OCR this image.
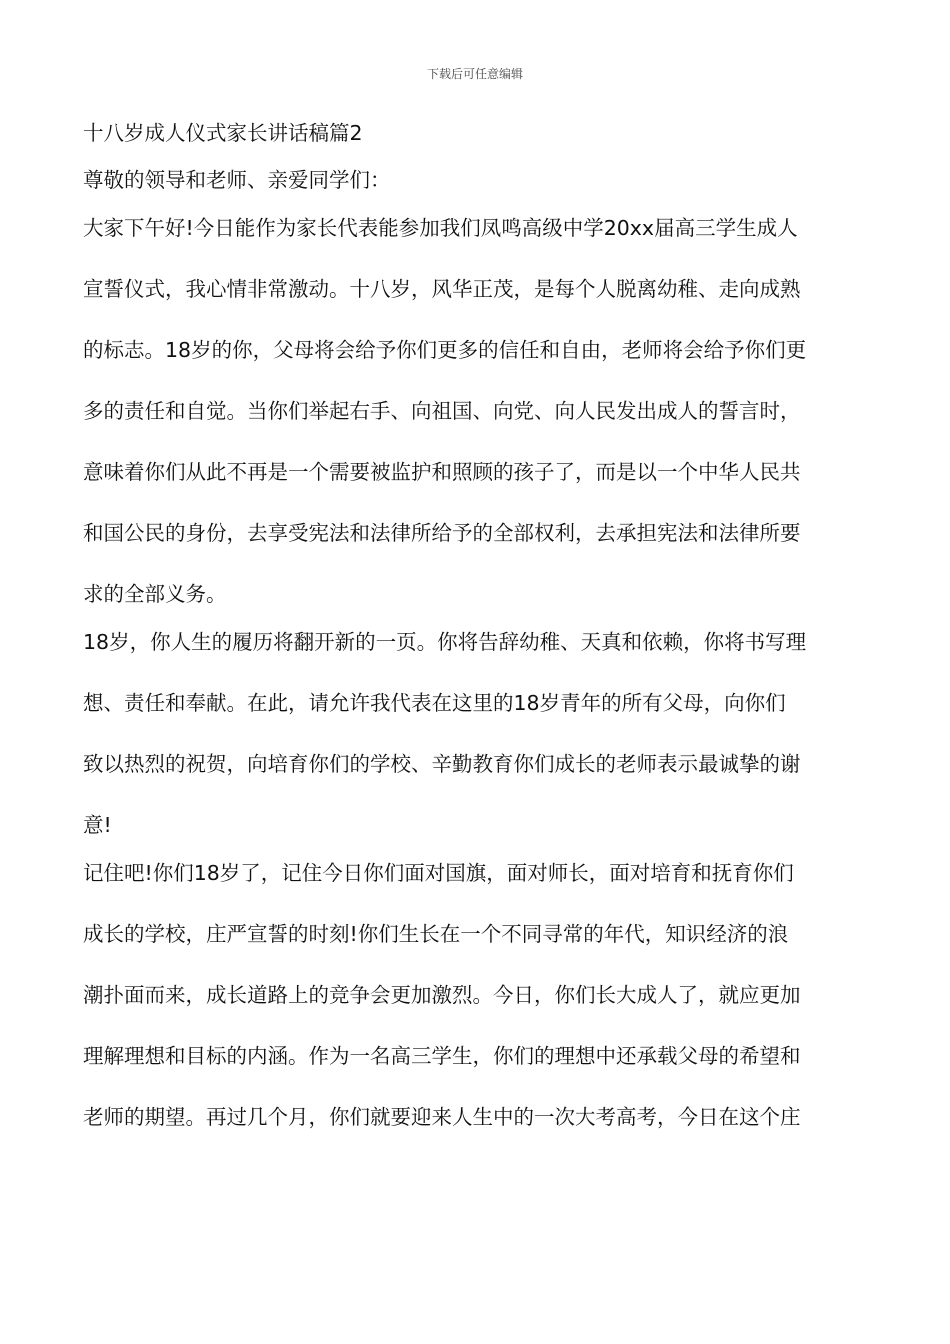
下载后可任意编辑
十八岁成人仪式家长讲话稿篇2
尊敬的领导和老师、亲爱同学们：
大家下午好!今日能作为家长代表能参加我们凤鸣高级中学20xx届高三学生成人
宣誓仪式，我心情非常激动。十八岁，风华正茂，是每个人脱离幼稚、走向成熟
的标志。18岁的你，父母将会给予你们更多的信任和自由，老师将会给予你们更
多的责任和自觉。当你们举起右手、向祖国、向党、向人民发出成人的誓言时，
意味着你们从此不再是一个需要被监护和照顾的孩子了，而是以一个中华人民共
和国公民的身份，去享受宪法和法律所给予的全部权利，去承担宪法和法律所要
求的全部义务。
18岁，你人生的履历将翻开新的一页。你将告辞幼稚、天真和依赖，你将书写理
想、责任和奉献。在此，请允许我代表在这里的18岁青年的所有父母，向你们
致以热烈的祝贺，向培育你们的学校、辛勤教育你们成长的老师表示最诚挚的谢
意!
记住吧!你们18岁了，记住今日你们面对国旗，面对师长，面对培育和抚育你们
成长的学校，庄严宣誓的时刻!你们生长在一个不同寻常的年代，知识经济的浪
潮扑面而来，成长道路上的竞争会更加激烈。今日，你们长大成人了，就应更加
理解理想和目标的内涵。作为一名高三学生，你们的理想中还承载父母的希望和
老师的期望。再过几个月，你们就要迎来人生中的一次大考高考，今日在这个庄
